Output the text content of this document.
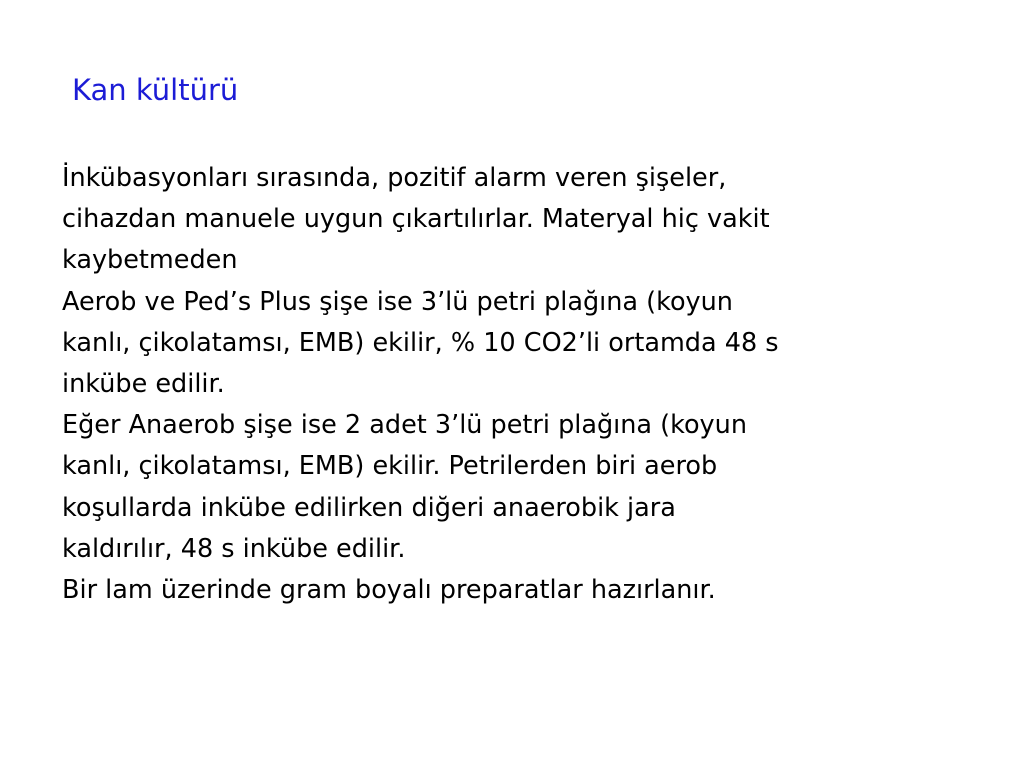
Kan kültürü
İnkübasyonları sırasında, pozitif alarm veren şişeler,
cihazdan manuele uygun çıkartılırlar. Materyal hiç vakit
kaybetmeden
Aerob ve Ped’s Plus şişe ise 3’lü petri plağına (koyun
kanlı, çikolatamsı, EMB) ekilir, % 10 CO2’li ortamda 48 s
inkübe edilir.
Eğer Anaerob şişe ise 2 adet 3’lü petri plağına (koyun
kanlı, çikolatamsı, EMB) ekilir. Petrilerden biri aerob
koşullarda inkübe edilirken diğeri anaerobik jara
kaldırılır, 48 s inkübe edilir.
Bir lam üzerinde gram boyalı preparatlar hazırlanır.
